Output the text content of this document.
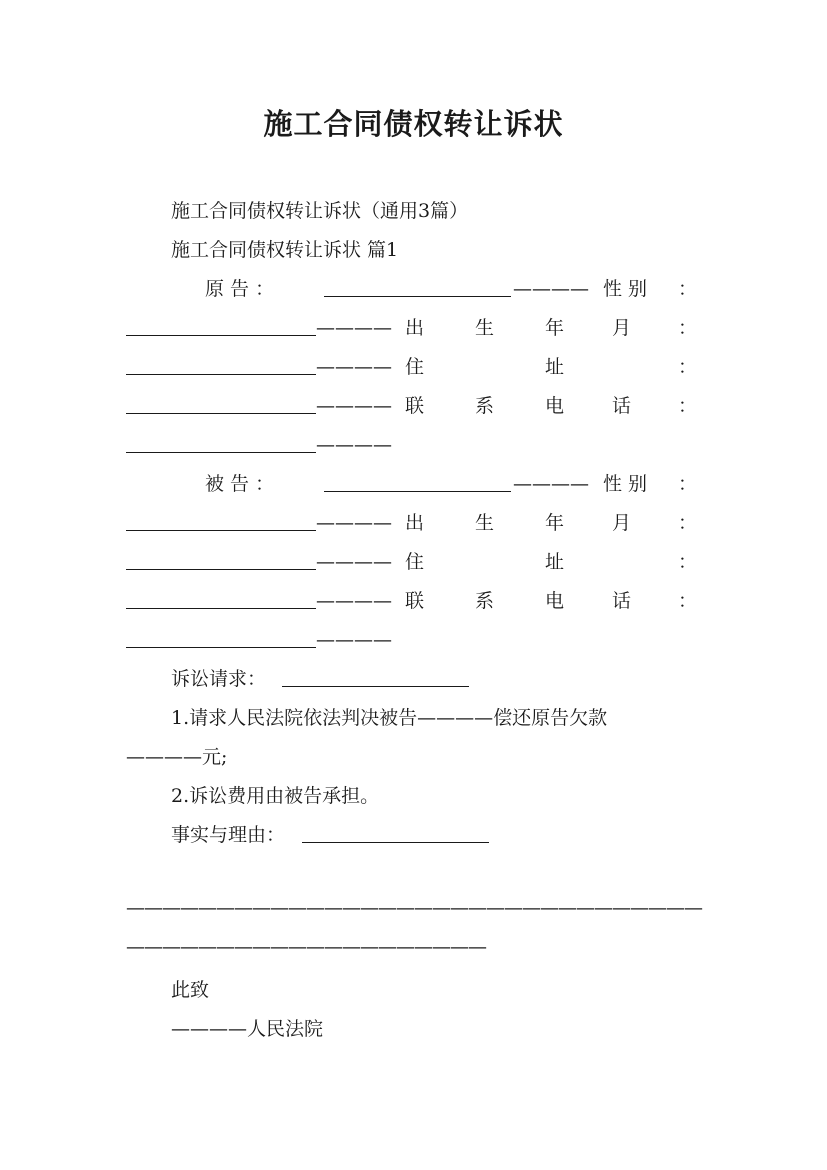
施工合同债权转让诉状
施工合同债权转让诉状（通用3篇）
施工合同债权转让诉状 篇1
原 告 ：	———— 性 别 ：
———— 出	生	年	月 ：
———— 住	址	：
———— 联	系	电	话 ：
————
被 告 ：	———— 性 别 ：
———— 出	生	年	月 ：
———— 住	址	：
———— 联	系	电	话 ：
————
诉讼请求：
1.请求人民法院依法判决被告————偿还原告欠款
————元;
2.诉讼费用由被告承担。
事实与理由：
————————————————————————————————
————————————————————
此致
————人民法院
